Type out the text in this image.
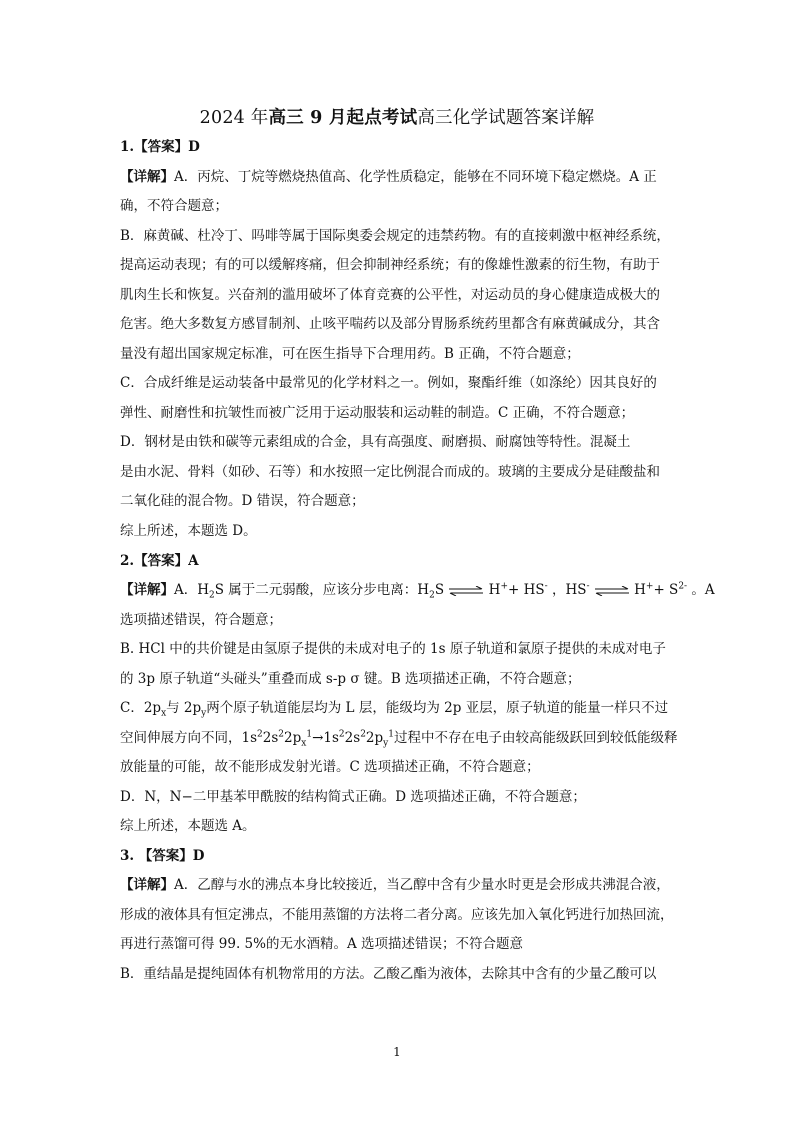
2024 年高三 9 月起点考试高三化学试题答案详解
1.【答案】D
【详解】A．丙烷、丁烷等燃烧热值高、化学性质稳定，能够在不同环境下稳定燃烧。A 正
确，不符合题意；
B．麻黄碱、杜冷丁、吗啡等属于国际奥委会规定的违禁药物。有的直接刺激中枢神经系统，
提高运动表现；有的可以缓解疼痛，但会抑制神经系统；有的像雄性激素的衍生物，有助于
肌肉生长和恢复。兴奋剂的滥用破坏了体育竞赛的公平性，对运动员的身心健康造成极大的
危害。绝大多数复方感冒制剂、止咳平喘药以及部分胃肠系统药里都含有麻黄碱成分，其含
量没有超出国家规定标准，可在医生指导下合理用药。B 正确，不符合题意；
C．合成纤维是运动装备中最常见的化学材料之一。例如，聚酯纤维（如涤纶）因其良好的
弹性、耐磨性和抗皱性而被广泛用于运动服装和运动鞋的制造。C 正确，不符合题意；
D．钢材是由铁和碳等元素组成的合金，具有高强度、耐磨损、耐腐蚀等特性。混凝土
是由水泥、骨料（如砂、石等）和水按照一定比例混合而成的。玻璃的主要成分是硅酸盐和
二氧化硅的混合物。D 错误，符合题意；
综上所述，本题选 D。
2.【答案】A
【详解】A．$H_2S$ 属于二元弱酸，应该分步电离：$H_2S$ ⇌ H++ HS- ，HS- ⇌ $H^++ S^{2-}$ 。A
选项描述错误，符合题意；
B. HCl 中的共价键是由氢原子提供的未成对电子的 1s 原子轨道和氯原子提供的未成对电子
的 3p 原子轨道“头碰头”重叠而成 s-p σ 键。B 选项描述正确，不符合题意；
C．$2p_x$与 $2p_y$两个原子轨道能层均为 L 层，能级均为 2p 亚层，原子轨道的能量一样只不过
空间伸展方向不同，$1s^22s^22p_x^1\to 1s^22s^22p_y^1$过程中不存在电子由较高能级跃回到较低能级释
放能量的可能，故不能形成发射光谱。C 选项描述正确，不符合题意；
D．N，N−二甲基苯甲酰胺的结构简式正确。D 选项描述正确，不符合题意；
综上所述，本题选 A。
3. 【答案】D
【详解】A．乙醇与水的沸点本身比较接近，当乙醇中含有少量水时更是会形成共沸混合液，
形成的液体具有恒定沸点，不能用蒸馏的方法将二者分离。应该先加入氧化钙进行加热回流，
再进行蒸馏可得 99. 5%的无水酒精。A 选项描述错误；不符合题意
B．重结晶是提纯固体有机物常用的方法。乙酸乙酯为液体，去除其中含有的少量乙酸可以
1
